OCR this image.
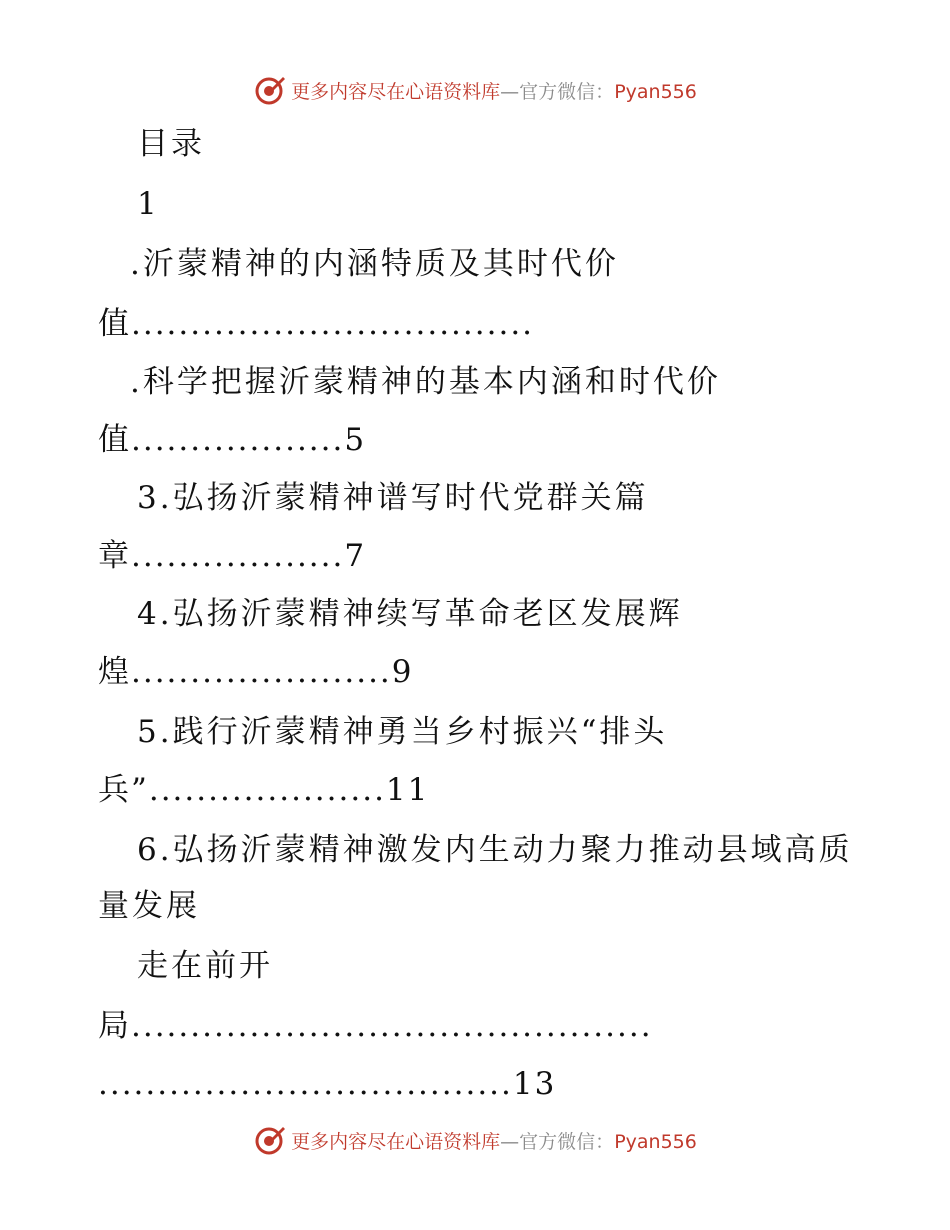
更多内容尽在心语资料库—官方微信：Pyan556
目录
1
.沂蒙精神的内涵特质及其时代价
值..................................
.科学把握沂蒙精神的基本内涵和时代价
值..................5
3.弘扬沂蒙精神谱写时代党群关篇
章..................7
4.弘扬沂蒙精神续写革命老区发展辉
煌......................9
5.践行沂蒙精神勇当乡村振兴“排头
兵”....................11
6.弘扬沂蒙精神激发内生动力聚力推动县域高质
量发展
走在前开
局............................................
...................................13
更多内容尽在心语资料库—官方微信：Pyan556
